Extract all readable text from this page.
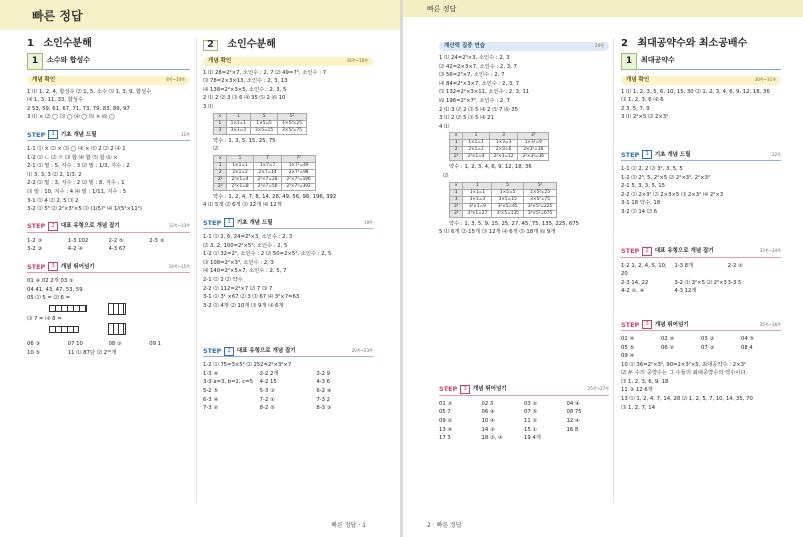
빠른 정답
1 소인수분해
1	소수와 합성수
개념 확인	8쪽~10쪽
1 ⑴ 1, 2, 4, 합성수 ⑵ 1, 5, 소수 ⑶ 1, 3, 9, 합성수
⑷ 1, 3, 11, 33, 합성수
2 53, 59, 61, 67, 71, 73, 79, 83, 89, 97
3 ⑴ × ⑵ ◯ ⑶ ◯ ⑷ ◯ ⑸ × ⑹ ◯
STEP	1	기초 개념 드릴	11쪽
1-1 ⑴ × ⑵ × ⑶ ◯ ⑷ × ⑴ 2 ⑵ 2 ⑷ 1
1-2 ⑴ ㄴ ⑵ ㄹ ⑶ 합 ⑷ 합 ⑸ 합 ⑹ ×
2-1 ⑴ 밑 : 5, 지수 : 3 ⑵ 밑 : 1/3, 지수 : 2
⑴ 3, 3, 3 ⑵ 2, 1/3, 2
2-2 ⑴ 밑 : 3, 지수 : 2 ⑵ 밑 : 8, 지수 : 1
⑶ 밑 : 10, 지수 : 4 ⑷ 밑 : 1/11, 지수 : 5
3-1 ⑴ 4 ⑵ 2, 5 ⑶ 2
3-2 ⑴ 5³ ⑵ 2²×3²×5 ⑶ (1/5)⁵ ⑷ 1/(5²×11²)
STEP	2	대표 유형으로 개념 잡기	12쪽~13쪽
1-2 ③	1-3 102	2-2 ⑤	2-3 ③
3-2 ③	4-2 ④	4-3 67
STEP	3	개념 뛰어넘기	14쪽~15쪽
01 ④ 02 2개 03 ②
04 41, 43, 47, 53, 59
05 ⑴ 5 = ⑵ 6 =

⑶ 7 = ⑷ 8 =

06 ③	07 10	08 ③	09 1
10 ⑤	11 ⑴ 87단 ⑵ 2¹⁰개
2 소인수분해
개념 확인	16쪽~18쪽
1 ⑴ 28=2²×7, 소인수 : 2, 7 ⑵ 49=7², 소인수 : 7
⑶ 78=2×3×13, 소인수 : 2, 3, 13
⑷ 138=2²×3×5, 소인수 : 2, 3, 5
2 ⑴ 2 ⑵ 3 ⑶ 6 ⑷ 35 ⑸ 2 ⑹ 10
3 ⑴
×	1	5	5²
1	1×1=1	1×5=5	1×5²=25
3	3×1=3	3×5=15	3×5²=75
약수 : 1, 3, 5, 15, 25, 75
⑵
×	1	7	7²
1	1×1=1	1×7=7	1×7²=49
2	2×1=2	2×7=14	2×7²=98
2²	2²×1=4	2²×7=28	2²×7²=196
2³	2³×1=8	2³×7=56	2³×7²=392
약수 : 1, 2, 4, 7, 8, 14, 28, 49, 56, 98, 196, 392
4 ⑴ 5개 ⑵ 6개 ⑶ 12개 ⑷ 12개
STEP	1	기초 개념 드릴	19쪽
1-1 ⑴ 2, 6, 24=2³×3, 소인수 : 2, 3
⑵ 3, 2, 100=2²×5², 소인수 : 2, 5
1-2 ⑴ 32=2⁵, 소인수 : 2 ⑵ 50=2×5², 소인수 : 2, 5
⑶ 108=2²×3³, 소인수 : 2, 3
⑷ 140=2²×5×7, 소인수 : 2, 5, 7
2-1 ⑴ 2 ⑵ 약수
2-2 ⑴ 112=2⁴×7 ⑵ 7 ⑶ 7
3-1 ⑴ 3² ×67 ⑵ 3 ⑶ 67 ⑷ 3²×7=63
3-2 ⑴ 4개 ⑵ 10개 ⑶ 9개 ⑷ 6개
STEP	2	대표 유형으로 개념 잡기	20쪽~23쪽
1-2 ⑴ 75=3×5² ⑵ 252=2²×3²×7
1-3 ④	2-2 2개	3-2 9
3-3 a=3, b=2, c=5	4-2 15	4-3 6
5-2 ⑤	5-3 ③	6-2 ④
6-3 ④	7-2 ②	7-3 2
7-3 ②	8-2 ⑤	8-3 ③
빠른 정답 · 1
빠른 정답
계산력 집중 연습	24쪽
1 ⑴ 24=2³×3, 소인수 : 2, 3
⑵ 42=2×3×7, 소인수 : 2, 3, 7
⑶ 56=2³×7, 소인수 : 2, 7
⑷ 84=2²×3×7, 소인수 : 2, 3, 7
⑸ 132=2²×3×11, 소인수 : 2, 3, 11
⑹ 196=2²×7², 소인수 : 2, 7
2 ⑴ 3 ⑵ 2 ⑶ 5 ⑷ 2 ⑸ 7 ⑹ 35
3 ⑴ 2 ⑵ 5 ⑶ 5 ⑷ 21
4 ⑴
×	1	3	3²
1	1×1=1	1×3=3	1×3²=9
2	2×1=2	2×3=6	2×3²=18
2²	2²×1=4	2²×3=12	2²×3²=36
약수 : 1, 2, 3, 4, 6, 9, 12, 18, 36
⑵
×	1	5	5²
1	1×1=1	1×5=5	1×5²=25
3	3×1=3	3×5=15	3×5²=75
3²	3²×1=9	3²×5=45	3²×5²=225
3³	3³×1=27	3³×5=135	3³×5²=675
약수 : 1, 3, 5, 9, 15, 25, 27, 45, 75, 135, 225, 675
5 ⑴ 6개 ⑵ 15개 ⑶ 12개 ⑷ 6개 ⑸ 18개 ⑹ 9개
STEP	3	개념 뛰어넘기	25쪽~27쪽
01 ③	02 3	03 ②	04 ④
05 7	06 ④	07 ⑤	08 75
09 ②	10 ④	11 ②	12 ④
13 ④	14 ③	15 ①	16 8
17 3	18 ③, ④	19 4개
2 최대공약수와 최소공배수
1	최대공약수
개념 확인	30쪽~31쪽
1 ⑴ 1, 2, 3, 5, 6, 10, 15, 30 ⑵ 1, 2, 3, 4, 6, 9, 12, 18, 36
⑶ 1, 2, 3, 6 ⑷ 6
2 3, 5, 7, 9
3 ⑴ 2²×5 ⑵ 2×3²
STEP	1	기초 개념 드릴	32쪽
1-1 ⑴ 2, 2 ⑵ 3², 3, 5, 5
1-2 ⑴ 2³, 5, 2²×5 ⑵ 2²×3², 2²×3²
2-1 5, 3, 3, 5, 15
2-2 ⑴ 2×3² ⑵ 2×3×5 ⑶ 2×3² ⑷ 2²×3
3-1 18 약수, 18
3-2 ⑴ 14 ⑵ 6
STEP	2	대표 유형으로 개념 잡기	33쪽~34쪽
1-2 1, 2, 4, 5, 10, 20
1-3 8개	2-2 ②
2-3 14, 22	3-2 ⑴ 3²×5 ⑵ 2²×3 3-3 5
4-2 ②, ④	4-3 12개
STEP	3	개념 뛰어넘기	35쪽~36쪽
01 ④	02 ④	03 ③	04 ⑤
05 ⑤	06 ②	07 ③	08 4
09 ④
10 ⑴ 36=2²×3², 90=2×3²×5, 최대공약수 : 2×3²
⑵ 두 수의 공약수는 그 수들의 최대공약수의 약수이다.
⑶ 1, 2, 3, 6, 9, 18
11 ③ 12 6개
13 ⑴ 1, 2, 4, 7, 14, 28 ⑵ 1, 2, 5, 7, 10, 14, 35, 70
⑶ 1, 2, 7, 14
2 · 빠른 정답
